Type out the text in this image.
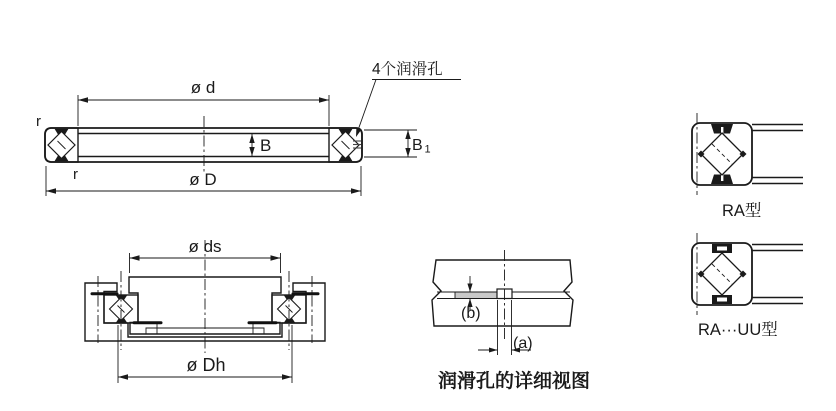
ø d
ø D
B	B 1
r
r
4个润滑孔
ø ds
ø Dh
(b)
(a)
润滑孔的详细视图
RA型
RA···UU型
